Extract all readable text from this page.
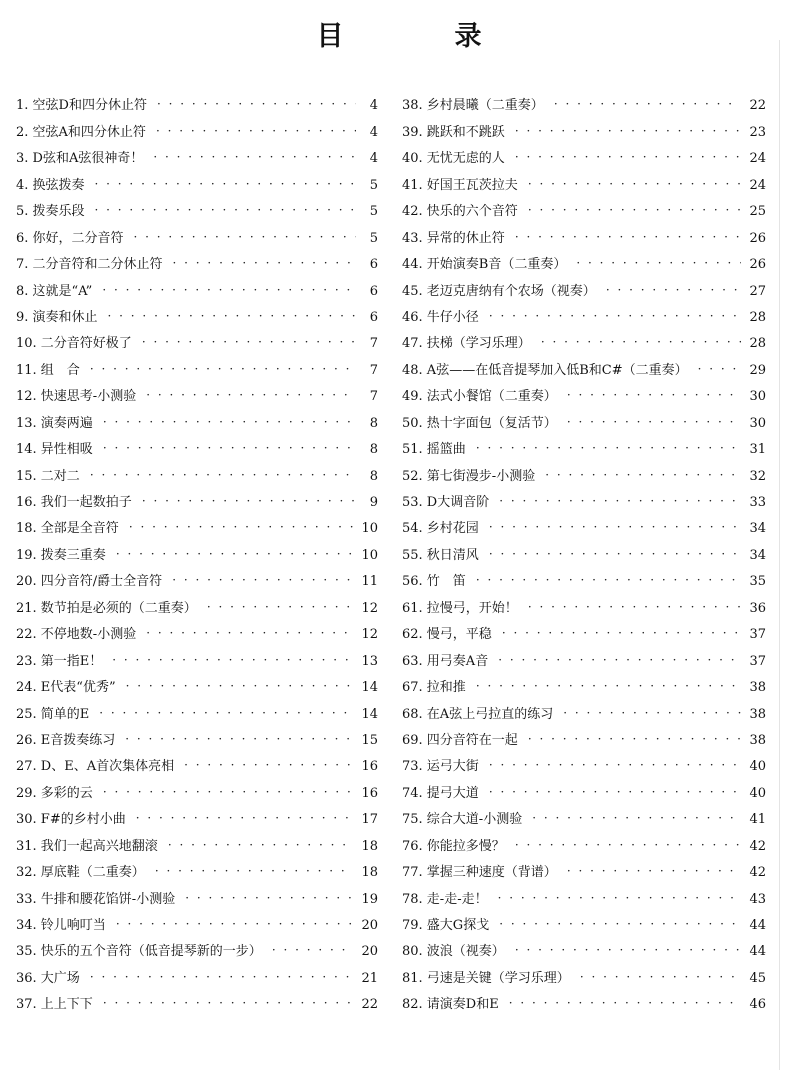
目　录
1. 空弦D和四分休止符 · · ·	4
2. 空弦A和四分休止符 · · ·	4
3. D弦和A弦很神奇！ · · ·	4
4. 换弦拨奏 · · ·	5
5. 拨奏乐段 · · ·	5
6. 你好，二分音符 · · ·	5
7. 二分音符和二分休止符 · · ·	6
8. 这就是“A” · · ·	6
9. 演奏和休止 · · ·	6
10. 二分音符好极了 · · ·	7
11. 组　合 · · ·	7
12. 快速思考-小测验 · · ·	7
13. 演奏两遍 · · ·	8
14. 异性相吸 · · ·	8
15. 二对二 · · ·	8
16. 我们一起数拍子 · · ·	9
18. 全部是全音符 · · ·	10
19. 拨奏三重奏 · · ·	10
20. 四分音符/爵士全音符 · · ·	11
21. 数节拍是必须的（二重奏） · · ·	12
22. 不停地数-小测验 · · ·	12
23. 第一指E！ · · ·	13
24. E代表“优秀” · · ·	14
25. 简单的E · · ·	14
26. E音拨奏练习 · · ·	15
27. D、E、A首次集体亮相 · · ·	16
29. 多彩的云 · · ·	16
30. F#的乡村小曲 · · ·	17
31. 我们一起高兴地翻滚 · · ·	18
32. 厚底鞋（二重奏） · · ·	18
33. 牛排和腰花馅饼-小测验 · · ·	19
34. 铃儿响叮当 · · ·	20
35. 快乐的五个音符（低音提琴新的一步） · · ·	20
36. 大广场 · · ·	21
37. 上上下下 · · ·	22
38. 乡村晨曦（二重奏） · · ·	22
39. 跳跃和不跳跃 · · ·	23
40. 无忧无虑的人 · · ·	24
41. 好国王瓦茨拉夫 · · ·	24
42. 快乐的六个音符 · · ·	25
43. 异常的休止符 · · ·	26
44. 开始演奏B音（二重奏） · · ·	26
45. 老迈克唐纳有个农场（视奏） · · ·	27
46. 牛仔小径 · · ·	28
47. 扶梯（学习乐理） · · ·	28
48. A弦——在低音提琴加入低B和C#（二重奏） · · ·	29
49. 法式小餐馆（二重奏） · · ·	30
50. 热十字面包（复活节） · · ·	30
51. 摇篮曲 · · ·	31
52. 第七街漫步-小测验 · · ·	32
53. D大调音阶 · · ·	33
54. 乡村花园 · · ·	34
55. 秋日清风 · · ·	34
56. 竹　笛 · · ·	35
61. 拉慢弓，开始！ · · ·	36
62. 慢弓，平稳 · · ·	37
63. 用弓奏A音 · · ·	37
67. 拉和推 · · ·	38
68. 在A弦上弓拉直的练习 · · ·	38
69. 四分音符在一起 · · ·	38
73. 运弓大街 · · ·	40
74. 提弓大道 · · ·	40
75. 综合大道-小测验 · · ·	41
76. 你能拉多慢？ · · ·	42
77. 掌握三种速度（背谱） · · ·	42
78. 走-走-走！ · · ·	43
79. 盛大G探戈 · · ·	44
80. 波浪（视奏） · · ·	44
81. 弓速是关键（学习乐理） · · ·	45
82. 请演奏D和E · · ·	46
